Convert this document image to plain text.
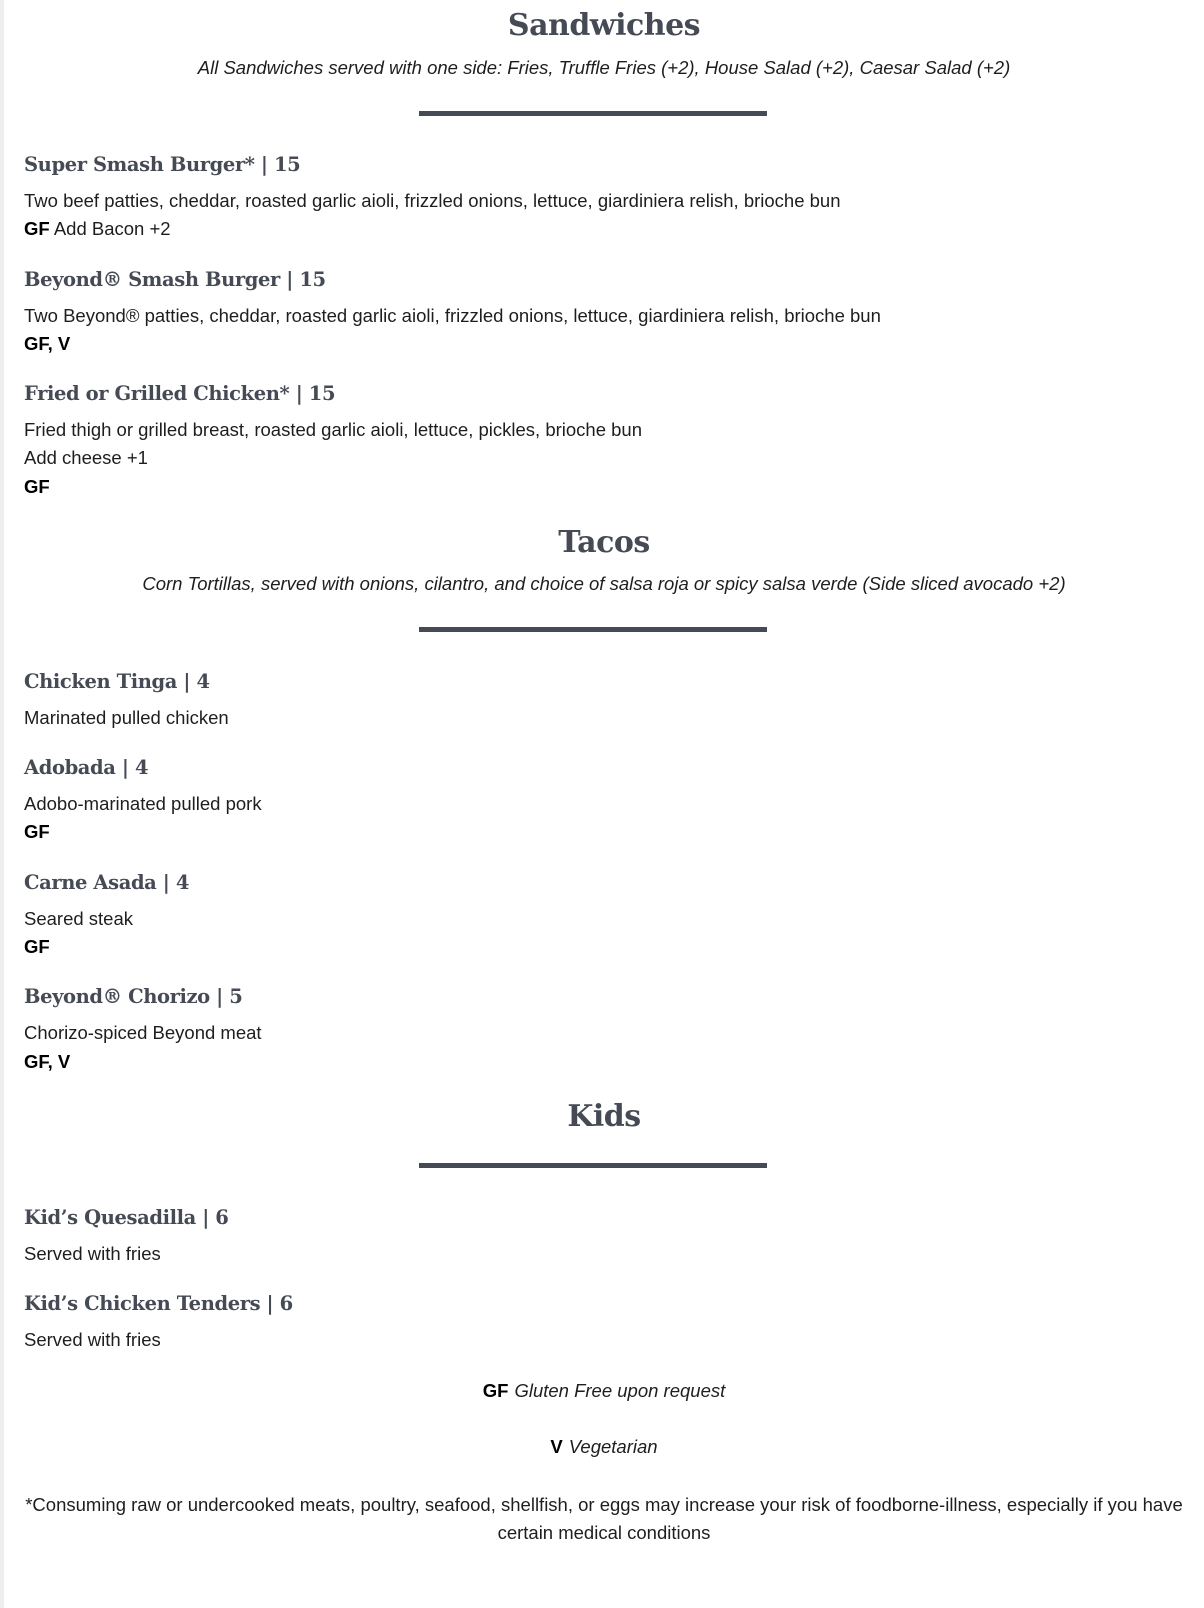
Sandwiches

All Sandwiches served with one side: Fries, Truffle Fries (+2), House Salad (+2), Caesar Salad (+2)

Super Smash Burger* | 15

Two beef patties, cheddar, roasted garlic aioli, frizzled onions, lettuce, giardiniera relish, brioche bun

GF Add Bacon +2

Beyond® Smash Burger | 15

Two Beyond® patties, cheddar, roasted garlic aioli, frizzled onions, lettuce, giardiniera relish, brioche bun

GF, V

Fried or Grilled Chicken* | 15

Fried thigh or grilled breast, roasted garlic aioli, lettuce, pickles, brioche bun

Add cheese +1

GF

Tacos

Corn Tortillas, served with onions, cilantro, and choice of salsa roja or spicy salsa verde (Side sliced avocado +2)

Chicken Tinga | 4

Marinated pulled chicken

Adobada | 4

Adobo-marinated pulled pork

GF

Carne Asada | 4

Seared steak

GF

Beyond® Chorizo | 5

Chorizo-spiced Beyond meat

GF, V

Kids
Kid’s Quesadilla | 6

Served with fries

Kid’s Chicken Tenders | 6

Served with fries

GF Gluten Free upon request
V Vegetarian

*Consuming raw or undercooked meats, poultry, seafood, shellfish, or eggs may increase your risk of foodborne-illness, especially if you have certain medical conditions
